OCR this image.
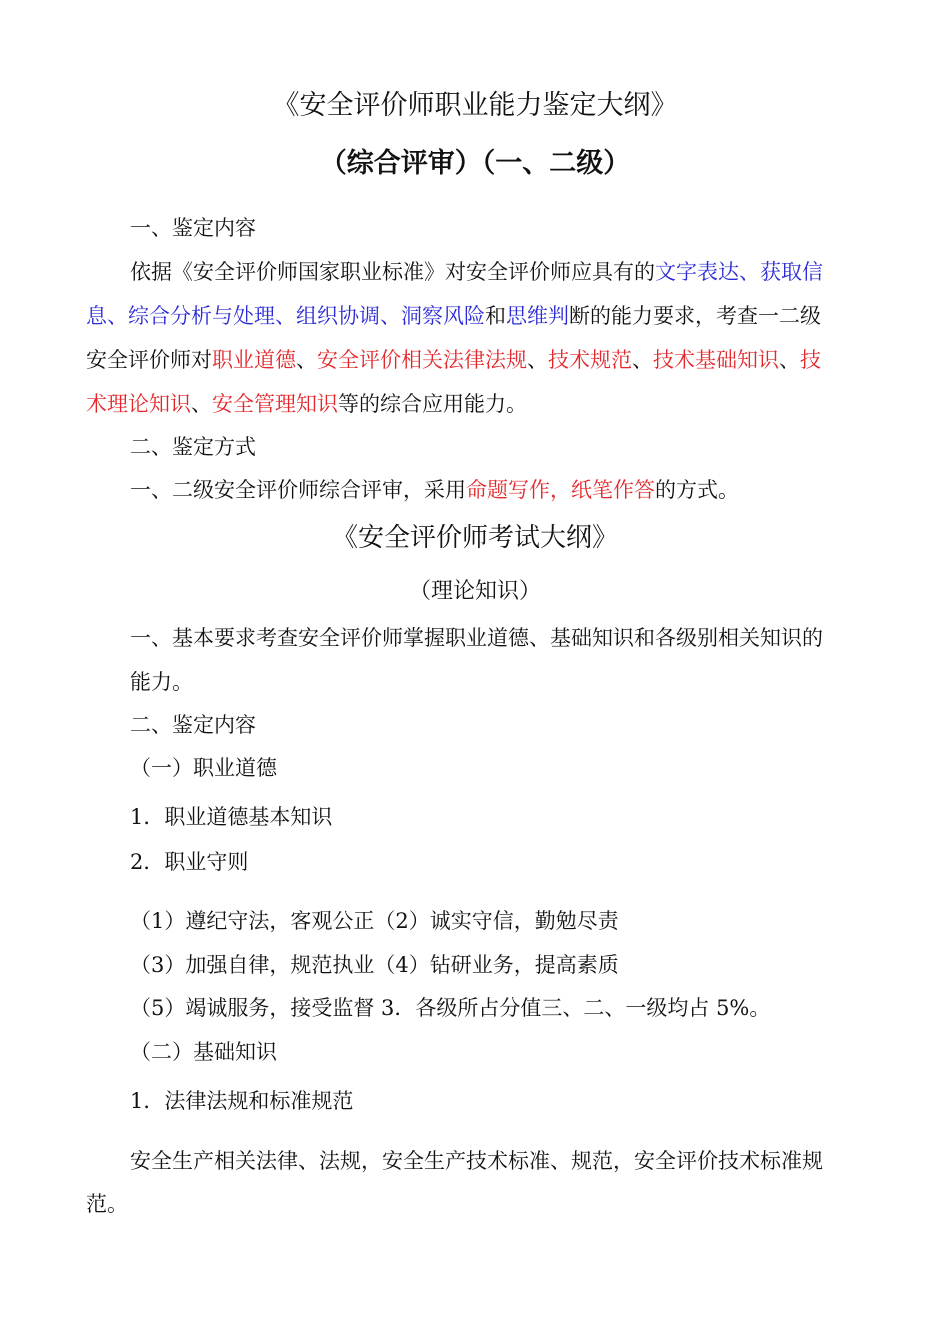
《安全评价师职业能力鉴定大纲》
（综合评审）（一、二级）
一、鉴定内容
依据《安全评价师国家职业标准》对安全评价师应具有的文字表达、获取信
息、综合分析与处理、组织协调、洞察风险和思维判断的能力要求，考查一二级
安全评价师对职业道德、安全评价相关法律法规、技术规范、技术基础知识、技
术理论知识、安全管理知识等的综合应用能力。
二、鉴定方式
一、二级安全评价师综合评审，采用命题写作，纸笔作答的方式。
《安全评价师考试大纲》
（理论知识）
一、基本要求考查安全评价师掌握职业道德、基础知识和各级别相关知识的
能力。
二、鉴定内容
（一）职业道德
1．职业道德基本知识
2．职业守则
（1）遵纪守法，客观公正（2）诚实守信，勤勉尽责
（3）加强自律，规范执业（4）钻研业务，提高素质
（5）竭诚服务，接受监督 3．各级所占分值三、二、一级均占 5%。
（二）基础知识
1．法律法规和标准规范
安全生产相关法律、法规，安全生产技术标准、规范，安全评价技术标准规
范。
